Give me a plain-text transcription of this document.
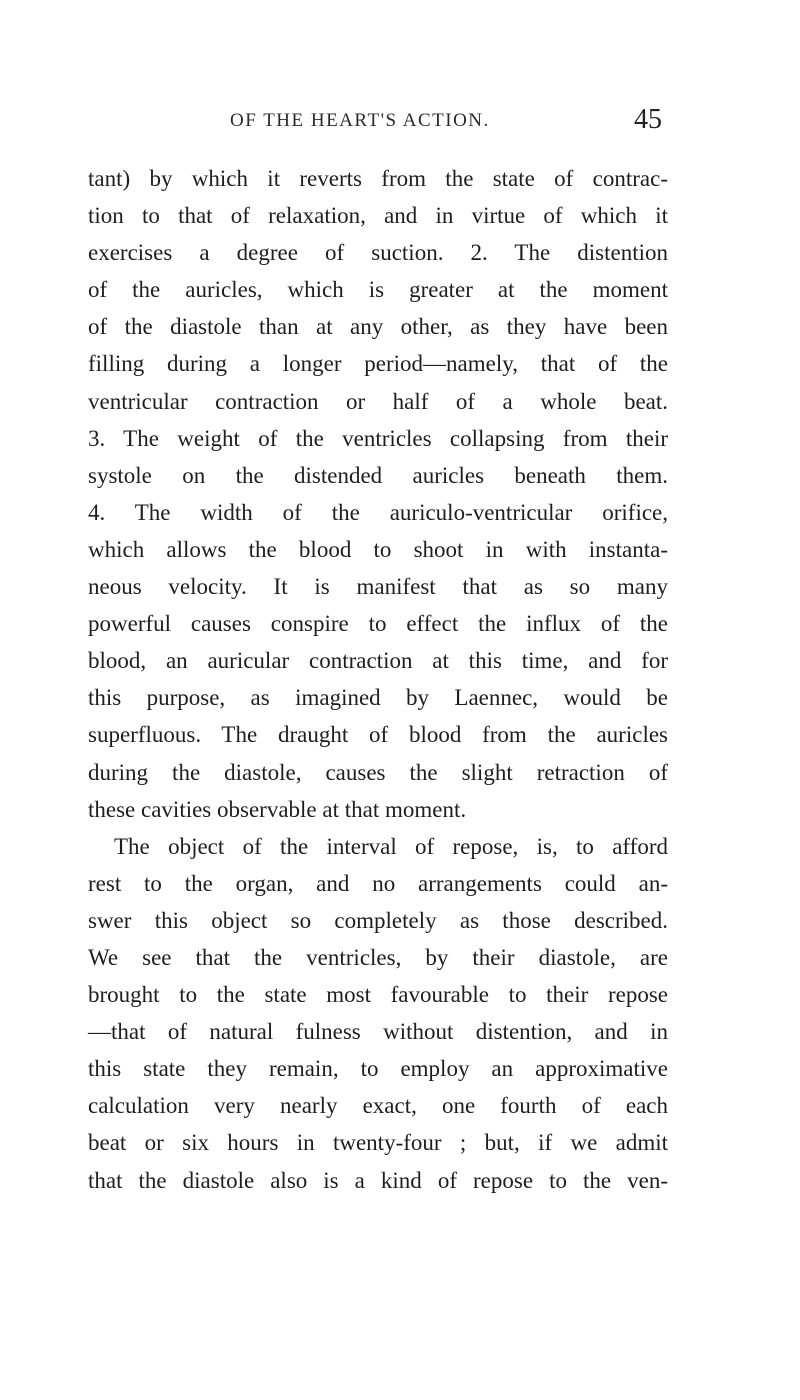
OF THE HEART'S ACTION.	45
tant) by which it reverts from the state of contrac-
tion to that of relaxation, and in virtue of which it
exercises a degree of suction. 2. The distention
of the auricles, which is greater at the moment
of the diastole than at any other, as they have been
filling during a longer period—namely, that of the
ventricular contraction or half of a whole beat.
3. The weight of the ventricles collapsing from their
systole on the distended auricles beneath them.
4. The width of the auriculo-ventricular orifice,
which allows the blood to shoot in with instanta-
neous velocity. It is manifest that as so many
powerful causes conspire to effect the influx of the
blood, an auricular contraction at this time, and for
this purpose, as imagined by Laennec, would be
superfluous. The draught of blood from the auricles
during the diastole, causes the slight retraction of
these cavities observable at that moment.
The object of the interval of repose, is, to afford
rest to the organ, and no arrangements could an-
swer this object so completely as those described.
We see that the ventricles, by their diastole, are
brought to the state most favourable to their repose
—that of natural fulness without distention, and in
this state they remain, to employ an approximative
calculation very nearly exact, one fourth of each
beat or six hours in twenty-four ; but, if we admit
that the diastole also is a kind of repose to the ven-
